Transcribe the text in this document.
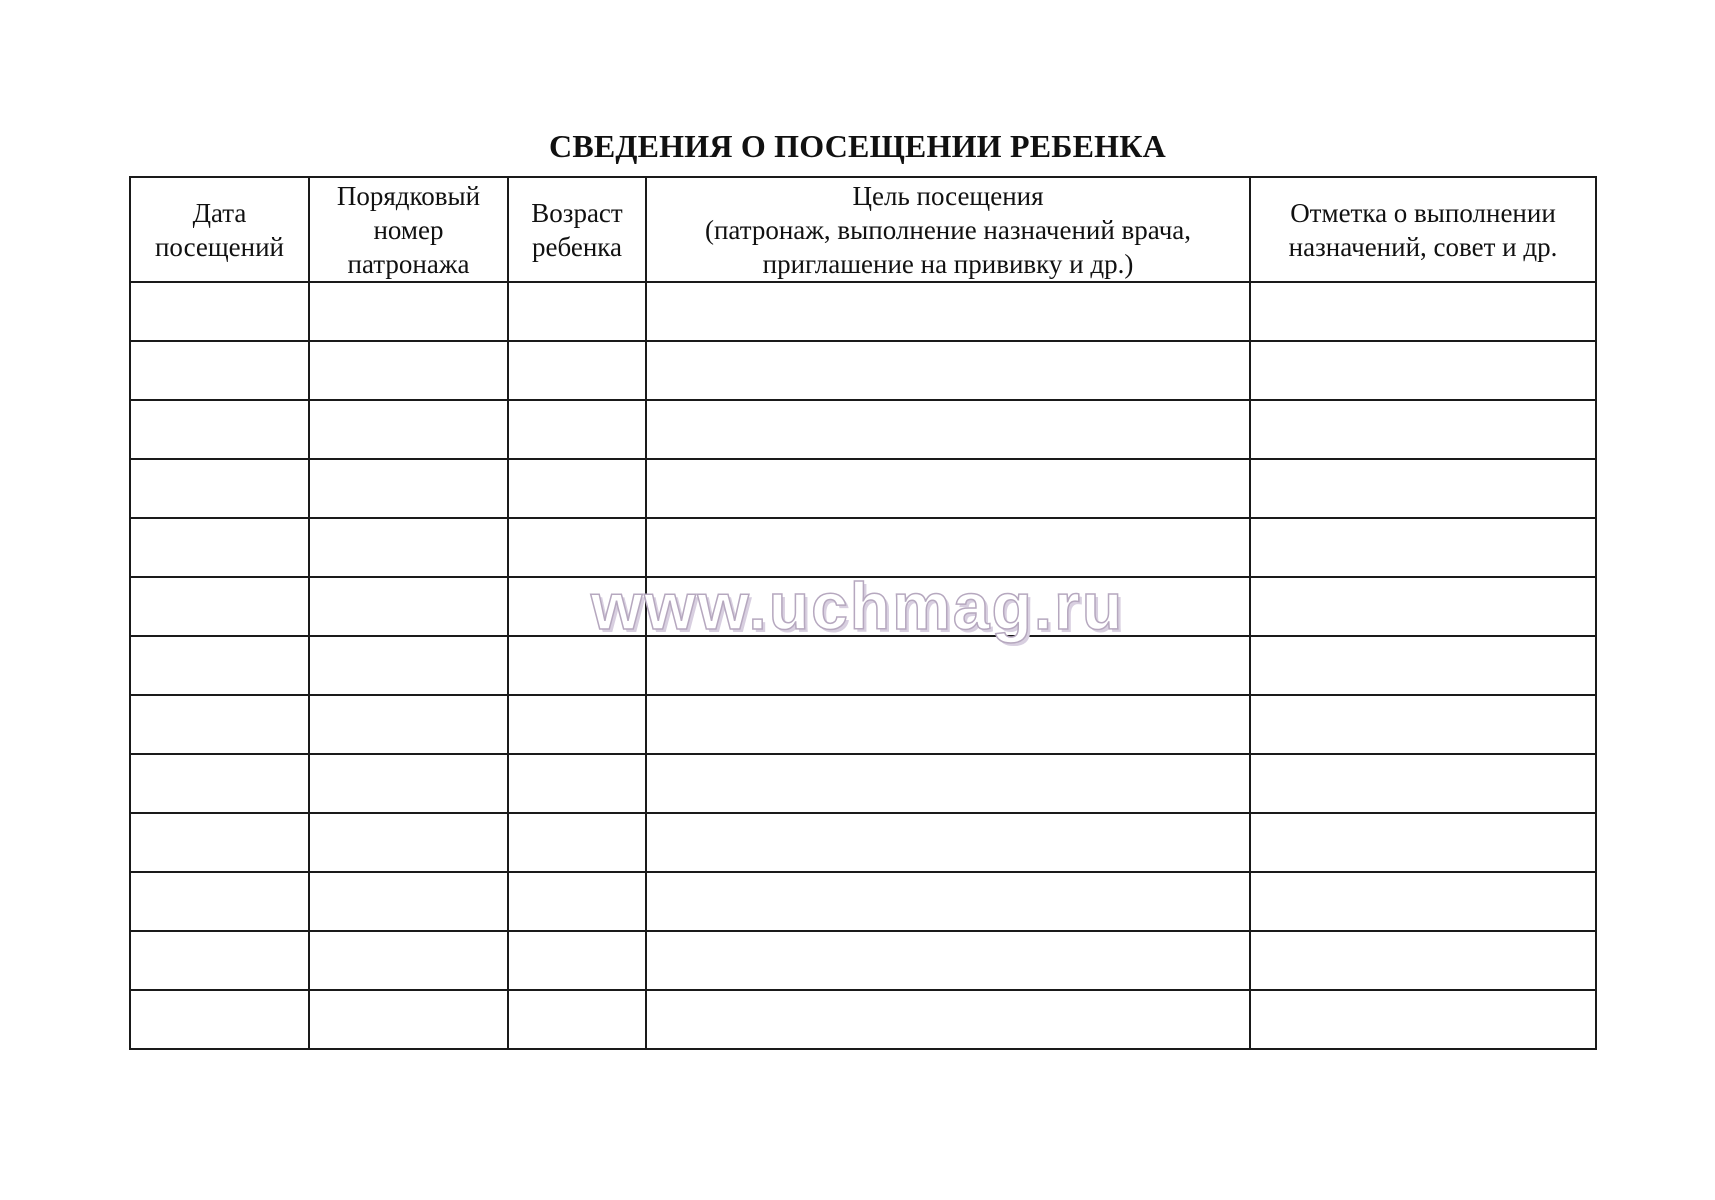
СВЕДЕНИЯ О ПОСЕЩЕНИИ РЕБЕНКА
Дата
посещений	Порядковый
номер
патронажа	Возраст
ребенка	Цель посещения
(патронаж, выполнение назначений врача,
приглашение на прививку и др.)	Отметка о выполнении
назначений, совет и др.

www.uchmag.ru
